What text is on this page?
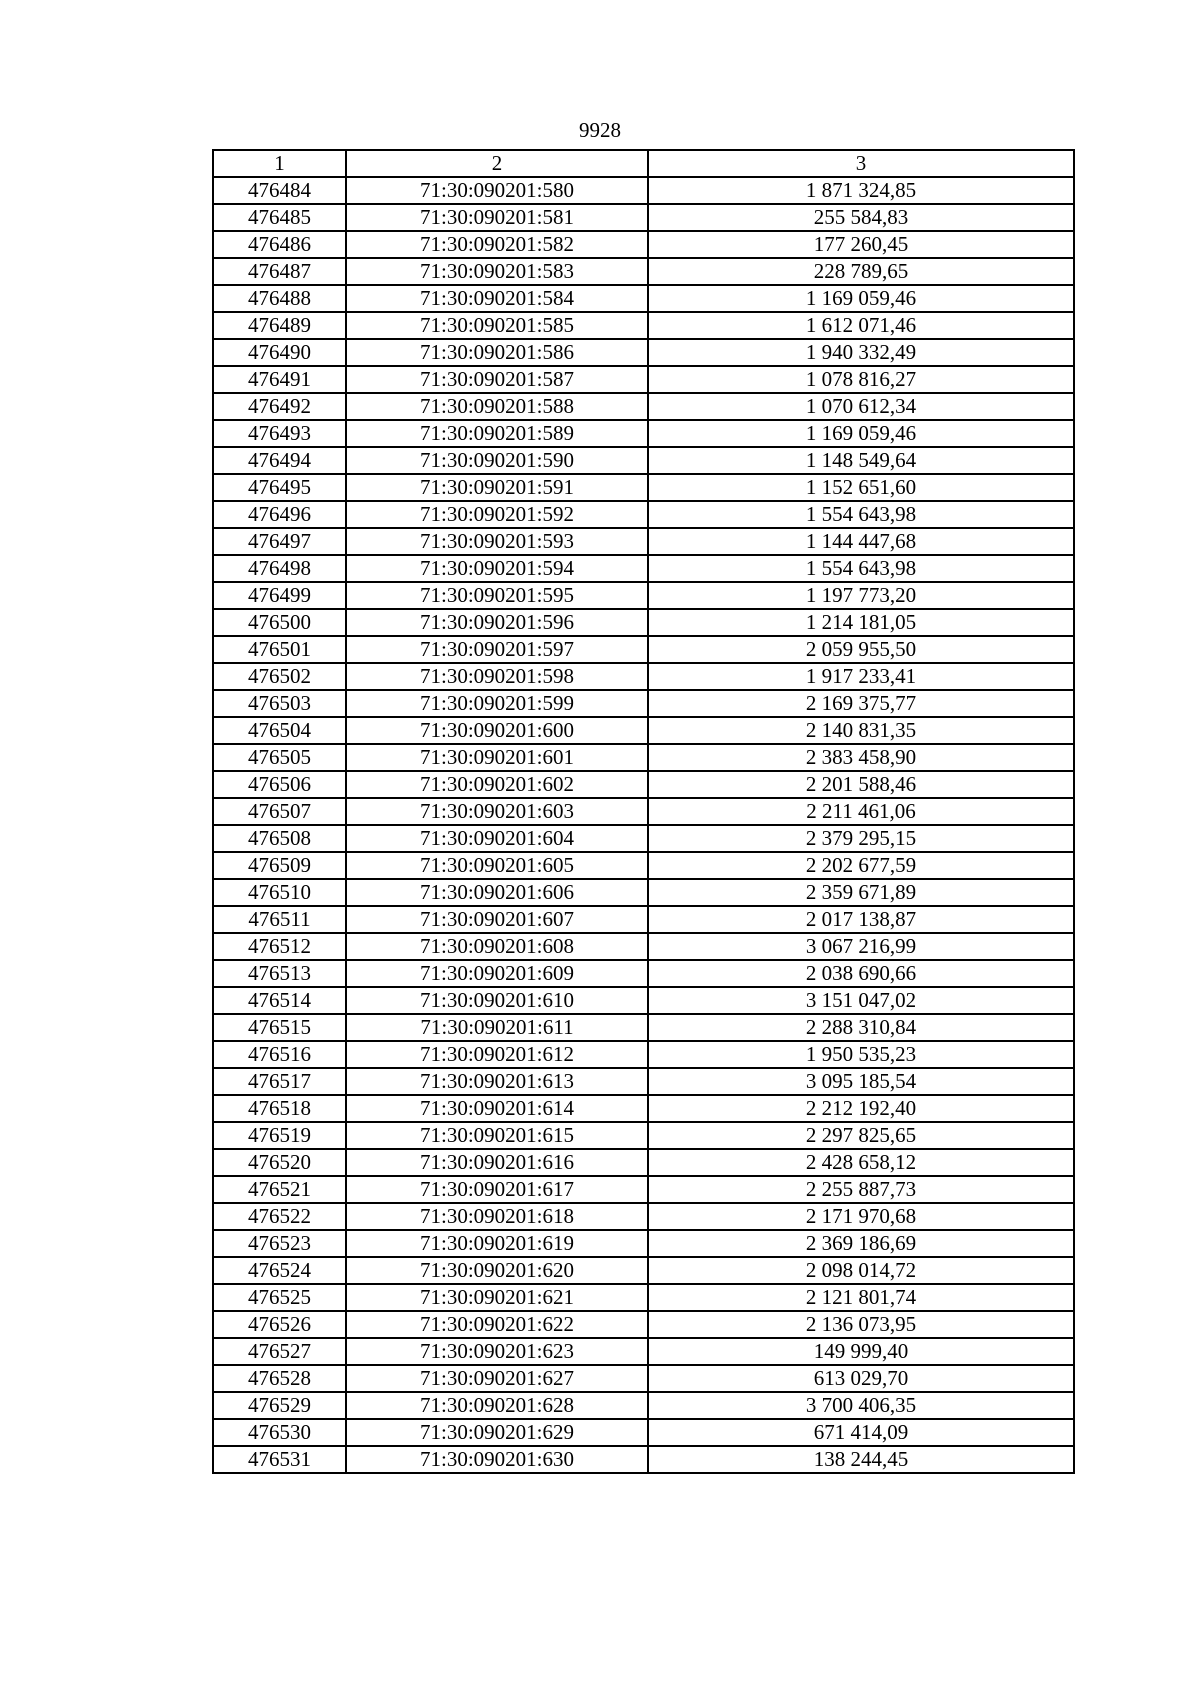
9928
1	2	3
476484	71:30:090201:580	1 871 324,85
476485	71:30:090201:581	255 584,83
476486	71:30:090201:582	177 260,45
476487	71:30:090201:583	228 789,65
476488	71:30:090201:584	1 169 059,46
476489	71:30:090201:585	1 612 071,46
476490	71:30:090201:586	1 940 332,49
476491	71:30:090201:587	1 078 816,27
476492	71:30:090201:588	1 070 612,34
476493	71:30:090201:589	1 169 059,46
476494	71:30:090201:590	1 148 549,64
476495	71:30:090201:591	1 152 651,60
476496	71:30:090201:592	1 554 643,98
476497	71:30:090201:593	1 144 447,68
476498	71:30:090201:594	1 554 643,98
476499	71:30:090201:595	1 197 773,20
476500	71:30:090201:596	1 214 181,05
476501	71:30:090201:597	2 059 955,50
476502	71:30:090201:598	1 917 233,41
476503	71:30:090201:599	2 169 375,77
476504	71:30:090201:600	2 140 831,35
476505	71:30:090201:601	2 383 458,90
476506	71:30:090201:602	2 201 588,46
476507	71:30:090201:603	2 211 461,06
476508	71:30:090201:604	2 379 295,15
476509	71:30:090201:605	2 202 677,59
476510	71:30:090201:606	2 359 671,89
476511	71:30:090201:607	2 017 138,87
476512	71:30:090201:608	3 067 216,99
476513	71:30:090201:609	2 038 690,66
476514	71:30:090201:610	3 151 047,02
476515	71:30:090201:611	2 288 310,84
476516	71:30:090201:612	1 950 535,23
476517	71:30:090201:613	3 095 185,54
476518	71:30:090201:614	2 212 192,40
476519	71:30:090201:615	2 297 825,65
476520	71:30:090201:616	2 428 658,12
476521	71:30:090201:617	2 255 887,73
476522	71:30:090201:618	2 171 970,68
476523	71:30:090201:619	2 369 186,69
476524	71:30:090201:620	2 098 014,72
476525	71:30:090201:621	2 121 801,74
476526	71:30:090201:622	2 136 073,95
476527	71:30:090201:623	149 999,40
476528	71:30:090201:627	613 029,70
476529	71:30:090201:628	3 700 406,35
476530	71:30:090201:629	671 414,09
476531	71:30:090201:630	138 244,45
